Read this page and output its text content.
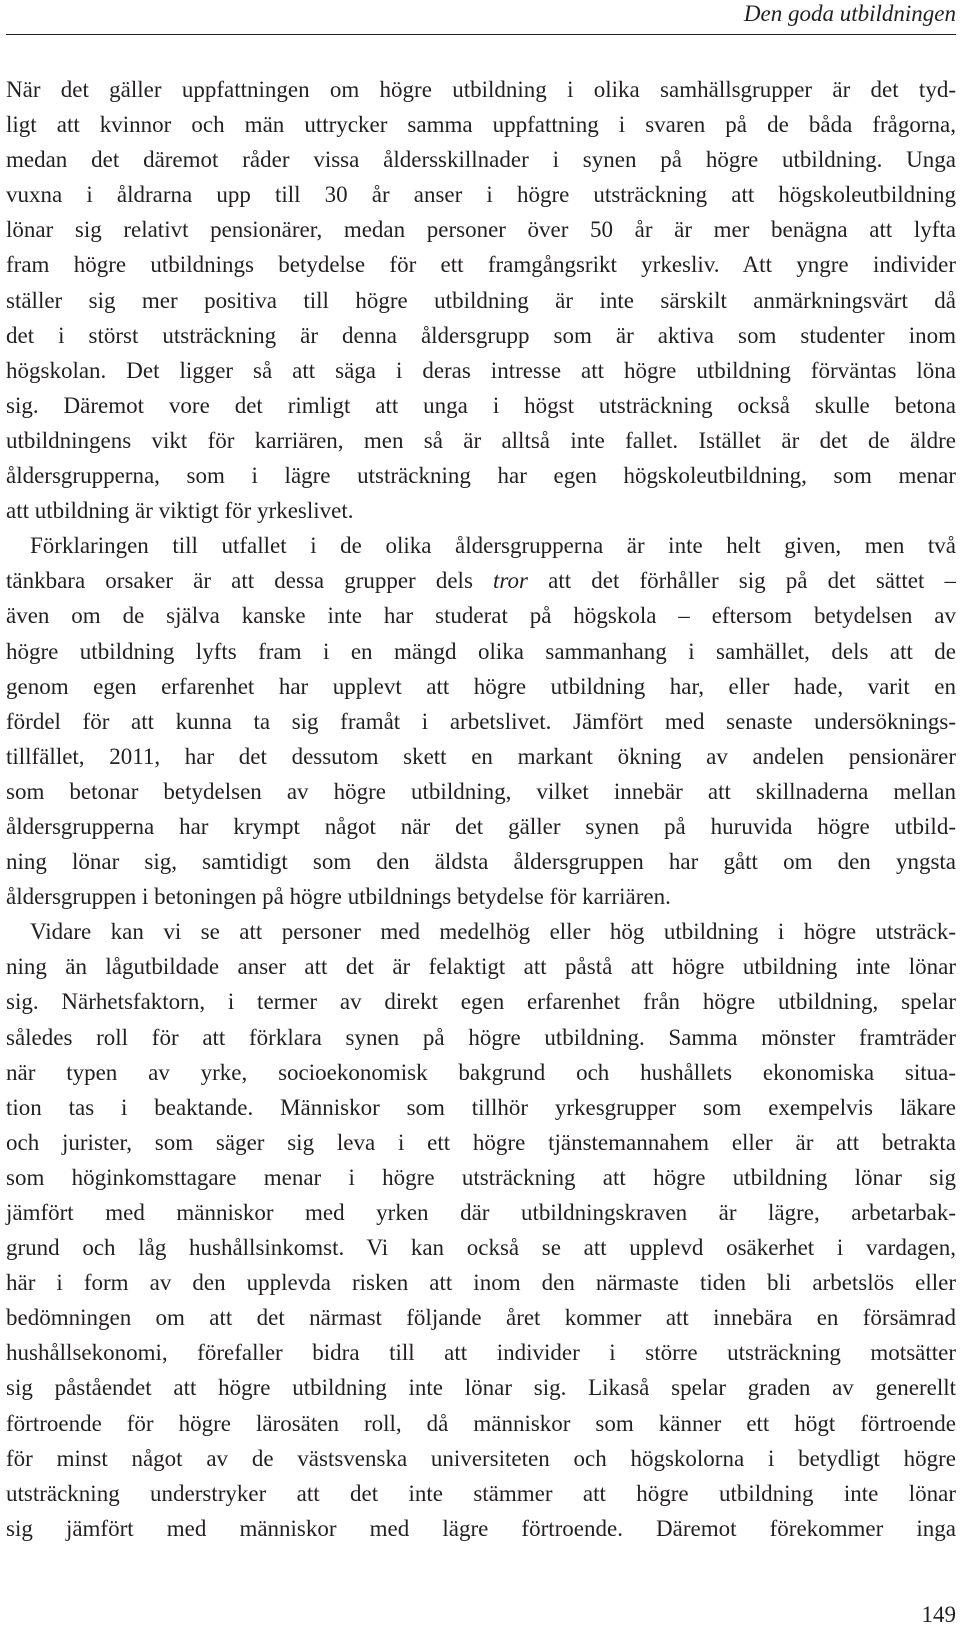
Den goda utbildningen
När det gäller uppfattningen om högre utbildning i olika samhällsgrupper är det tyd-
ligt att kvinnor och män uttrycker samma uppfattning i svaren på de båda frågorna,
medan det däremot råder vissa åldersskillnader i synen på högre utbildning. Unga
vuxna i åldrarna upp till 30 år anser i högre utsträckning att högskoleutbildning
lönar sig relativt pensionärer, medan personer över 50 år är mer benägna att lyfta
fram högre utbildnings betydelse för ett framgångsrikt yrkesliv. Att yngre individer
ställer sig mer positiva till högre utbildning är inte särskilt anmärkningsvärt då
det i störst utsträckning är denna åldersgrupp som är aktiva som studenter inom
högskolan. Det ligger så att säga i deras intresse att högre utbildning förväntas löna
sig. Däremot vore det rimligt att unga i högst utsträckning också skulle betona
utbildningens vikt för karriären, men så är alltså inte fallet. Istället är det de äldre
åldersgrupperna, som i lägre utsträckning har egen högskoleutbildning, som menar
att utbildning är viktigt för yrkeslivet.
Förklaringen till utfallet i de olika åldersgrupperna är inte helt given, men två
tänkbara orsaker är att dessa grupper dels tror att det förhåller sig på det sättet –
även om de själva kanske inte har studerat på högskola – eftersom betydelsen av
högre utbildning lyfts fram i en mängd olika sammanhang i samhället, dels att de
genom egen erfarenhet har upplevt att högre utbildning har, eller hade, varit en
fördel för att kunna ta sig framåt i arbetslivet. Jämfört med senaste undersöknings-
tillfället, 2011, har det dessutom skett en markant ökning av andelen pensionärer
som betonar betydelsen av högre utbildning, vilket innebär att skillnaderna mellan
åldersgrupperna har krympt något när det gäller synen på huruvida högre utbild-
ning lönar sig, samtidigt som den äldsta åldersgruppen har gått om den yngsta
åldersgruppen i betoningen på högre utbildnings betydelse för karriären.
Vidare kan vi se att personer med medelhög eller hög utbildning i högre utsträck-
ning än lågutbildade anser att det är felaktigt att påstå att högre utbildning inte lönar
sig. Närhetsfaktorn, i termer av direkt egen erfarenhet från högre utbildning, spelar
således roll för att förklara synen på högre utbildning. Samma mönster framträder
när typen av yrke, socioekonomisk bakgrund och hushållets ekonomiska situa-
tion tas i beaktande. Människor som tillhör yrkesgrupper som exempelvis läkare
och jurister, som säger sig leva i ett högre tjänstemannahem eller är att betrakta
som höginkomsttagare menar i högre utsträckning att högre utbildning lönar sig
jämfört med människor med yrken där utbildningskraven är lägre, arbetarbak-
grund och låg hushållsinkomst. Vi kan också se att upplevd osäkerhet i vardagen,
här i form av den upplevda risken att inom den närmaste tiden bli arbetslös eller
bedömningen om att det närmast följande året kommer att innebära en försämrad
hushållsekonomi, förefaller bidra till att individer i större utsträckning motsätter
sig påståendet att högre utbildning inte lönar sig. Likaså spelar graden av generellt
förtroende för högre lärosäten roll, då människor som känner ett högt förtroende
för minst något av de västsvenska universiteten och högskolorna i betydligt högre
utsträckning understryker att det inte stämmer att högre utbildning inte lönar
sig jämfört med människor med lägre förtroende. Däremot förekommer inga
149
